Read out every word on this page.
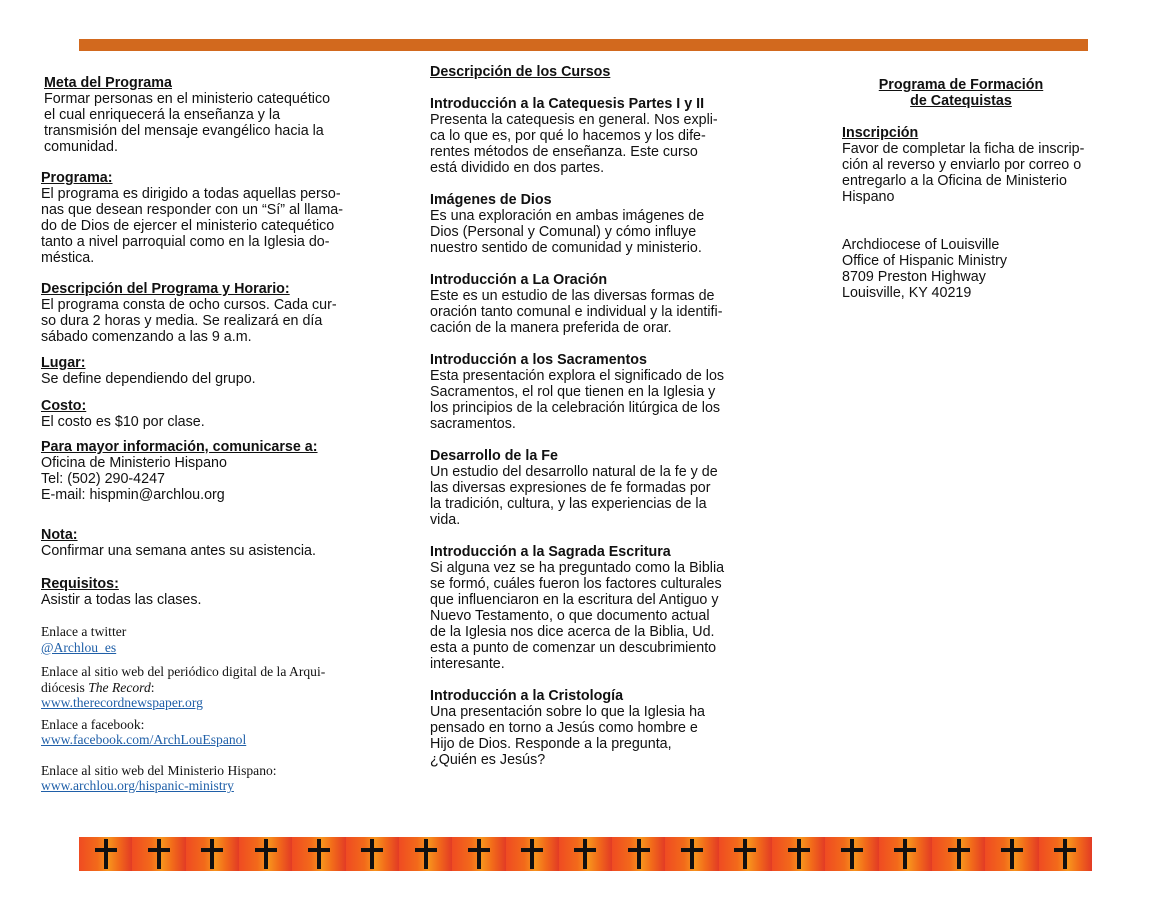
Meta del Programa
Formar personas en el ministerio catequético
el cual enriquecerá la enseñanza y la
transmisión del mensaje evangélico hacia la
comunidad.
Programa:
El programa es dirigido a todas aquellas perso-
nas que desean responder con un “Sí” al llama-
do de Dios de ejercer el ministerio catequético
tanto a nivel parroquial como en la Iglesia do-
méstica.
Descripción del Programa y Horario:
El programa consta de ocho cursos. Cada cur-
so dura 2 horas y media. Se realizará en día
sábado comenzando a las 9 a.m.
Lugar:
Se define dependiendo del grupo.
Costo:
El costo es $10 por clase.
Para mayor información, comunicarse a:
Oficina de Ministerio Hispano
Tel: (502) 290-4247
E-mail: hispmin@archlou.org
Nota:
Confirmar una semana antes su asistencia.
Requisitos:
Asistir a todas las clases.
Enlace a twitter
@Archlou_es
Enlace al sitio web del periódico digital de la Arqui-
diócesis The Record:
www.therecordnewspaper.org
Enlace a facebook:
www.facebook.com/ArchLouEspanol
Enlace al sitio web del Ministerio Hispano:
www.archlou.org/hispanic-ministry
Descripción de los Cursos
Introducción a la Catequesis Partes I y II
Presenta la catequesis en general. Nos expli-
ca lo que es, por qué lo hacemos y los dife-
rentes métodos de enseñanza. Este curso
está dividido en dos partes.
Imágenes de Dios
Es una exploración en ambas imágenes de
Dios (Personal y Comunal) y cómo influye
nuestro sentido de comunidad y ministerio.
Introducción a La Oración
Este es un estudio de las diversas formas de
oración tanto comunal e individual y la identifi-
cación de la manera preferida de orar.
Introducción a los Sacramentos
Esta presentación explora el significado de los
Sacramentos, el rol que tienen en la Iglesia y
los principios de la celebración litúrgica de los
sacramentos.
Desarrollo de la Fe
Un estudio del desarrollo natural de la fe y de
las diversas expresiones de fe formadas por
la tradición, cultura, y las experiencias de la
vida.
Introducción a la Sagrada Escritura
Si alguna vez se ha preguntado como la Biblia
se formó, cuáles fueron los factores culturales
que influenciaron en la escritura del Antiguo y
Nuevo Testamento, o que documento actual
de la Iglesia nos dice acerca de la Biblia, Ud.
esta a punto de comenzar un descubrimiento
interesante.
Introducción a la Cristología
Una presentación sobre lo que la Iglesia ha
pensado en torno a Jesús como hombre e
Hijo de Dios. Responde a la pregunta,
¿Quién es Jesús?
Programa de Formación
de Catequistas
Inscripción
Favor de completar la ficha de inscrip-
ción al reverso y enviarlo por correo o
entregarlo a la Oficina de Ministerio
Hispano
Archdiocese of Louisville
Office of Hispanic Ministry
8709 Preston Highway
Louisville, KY 40219
